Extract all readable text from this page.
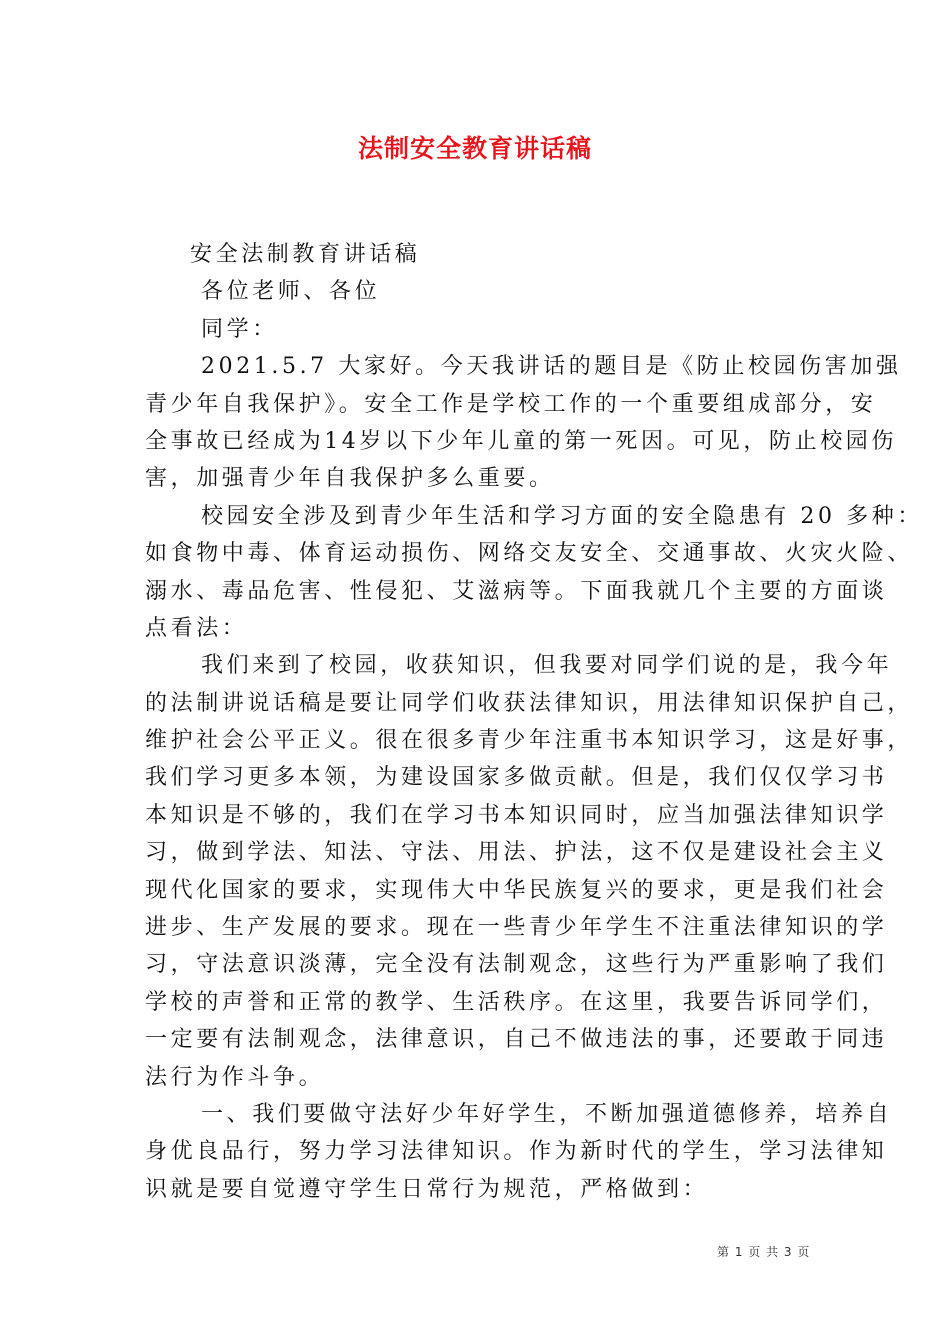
法制安全教育讲话稿
安全法制教育讲话稿
各位老师、各位
同学：
2021.5.7 大家好。今天我讲话的题目是《防止校园伤害加强
青少年自我保护》。安全工作是学校工作的一个重要组成部分，安
全事故已经成为14岁以下少年儿童的第一死因。可见，防止校园伤
害，加强青少年自我保护多么重要。
校园安全涉及到青少年生活和学习方面的安全隐患有 20 多种：
如食物中毒、体育运动损伤、网络交友安全、交通事故、火灾火险、
溺水、毒品危害、性侵犯、艾滋病等。下面我就几个主要的方面谈
点看法：
我们来到了校园，收获知识，但我要对同学们说的是，我今年
的法制讲说话稿是要让同学们收获法律知识，用法律知识保护自己，
维护社会公平正义。很在很多青少年注重书本知识学习，这是好事，
我们学习更多本领，为建设国家多做贡献。但是，我们仅仅学习书
本知识是不够的，我们在学习书本知识同时，应当加强法律知识学
习，做到学法、知法、守法、用法、护法，这不仅是建设社会主义
现代化国家的要求，实现伟大中华民族复兴的要求，更是我们社会
进步、生产发展的要求。现在一些青少年学生不注重法律知识的学
习，守法意识淡薄，完全没有法制观念，这些行为严重影响了我们
学校的声誉和正常的教学、生活秩序。在这里，我要告诉同学们，
一定要有法制观念，法律意识，自己不做违法的事，还要敢于同违
法行为作斗争。
一、我们要做守法好少年好学生，不断加强道德修养，培养自
身优良品行，努力学习法律知识。作为新时代的学生，学习法律知
识就是要自觉遵守学生日常行为规范，严格做到：
第 1 页 共 3 页
